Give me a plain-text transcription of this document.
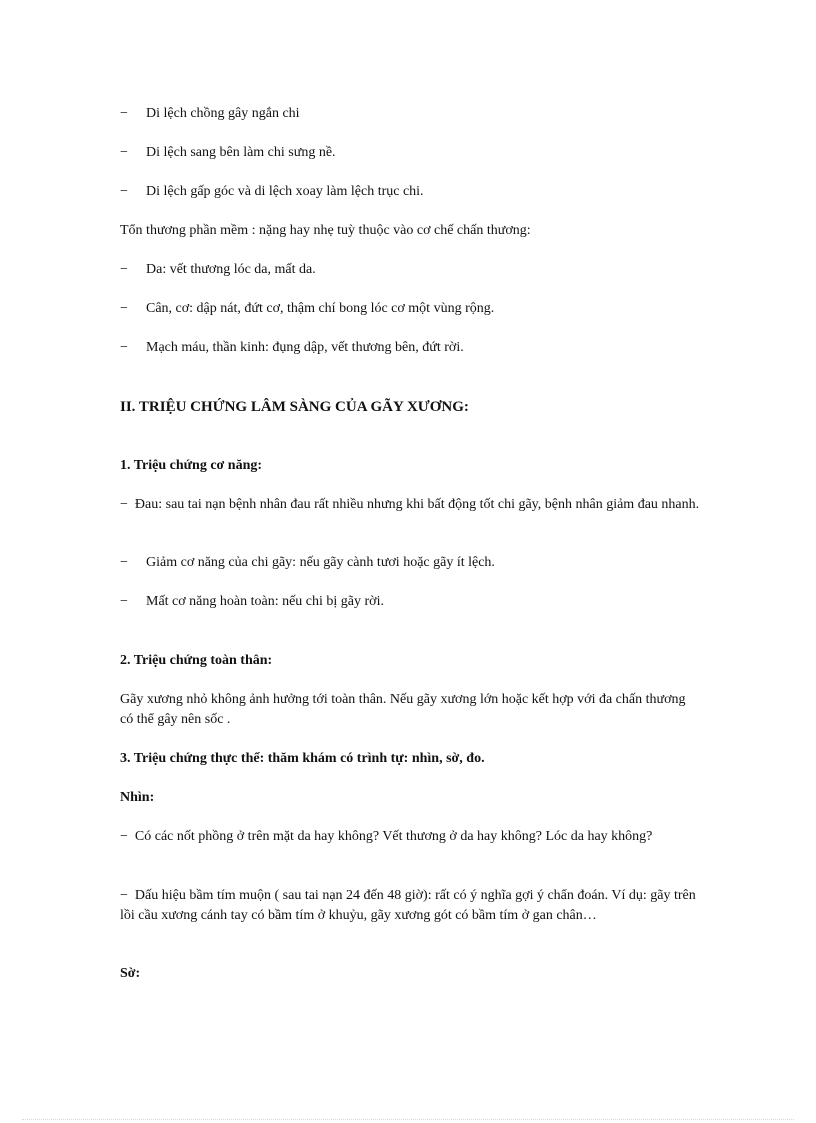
−	Di lệch chồng gây ngắn chi
−	Di lệch sang bên làm chi sưng nề.
−	Di lệch gấp góc và di lệch xoay làm lệch trục chi.
Tổn thương phần mềm : nặng hay nhẹ tuỳ thuộc vào cơ chế chấn thương:
−	Da: vết thương lóc da, mất da.
−	Cân, cơ: dập nát, đứt cơ, thậm chí bong lóc cơ một vùng rộng.
−	Mạch máu, thần kinh: đụng dập, vết thương bên, đứt rời.
II. TRIỆU CHỨNG LÂM SÀNG CỦA GÃY XƯƠNG:
1. Triệu chứng cơ năng:
− Đau: sau tai nạn bệnh nhân đau rất nhiều nhưng khi bất động tốt chi gãy, bệnh nhân giảm đau nhanh.
−	Giảm cơ năng của chi gãy: nếu gãy cành tươi hoặc gãy ít lệch.
−	Mất cơ năng hoàn toàn: nếu chi bị gãy rời.
2. Triệu chứng toàn thân:
Gãy xương nhỏ không ảnh hưởng tới toàn thân. Nếu gãy xương lớn hoặc kết hợp với đa chấn thương có thể gây nên sốc .
3. Triệu chứng thực thể: thăm khám có trình tự: nhìn, sờ, đo.
Nhìn:
− Có các nốt phồng ở trên mặt da hay không? Vết thương ở da hay không? Lóc da hay không?
− Dấu hiệu bầm tím muộn ( sau tai nạn 24 đến 48 giờ): rất có ý nghĩa gợi ý chẩn đoán. Ví dụ: gãy trên lồi cầu xương cánh tay có bầm tím ở khuỷu, gãy xương gót có bầm tím ở gan chân…
Sờ:
